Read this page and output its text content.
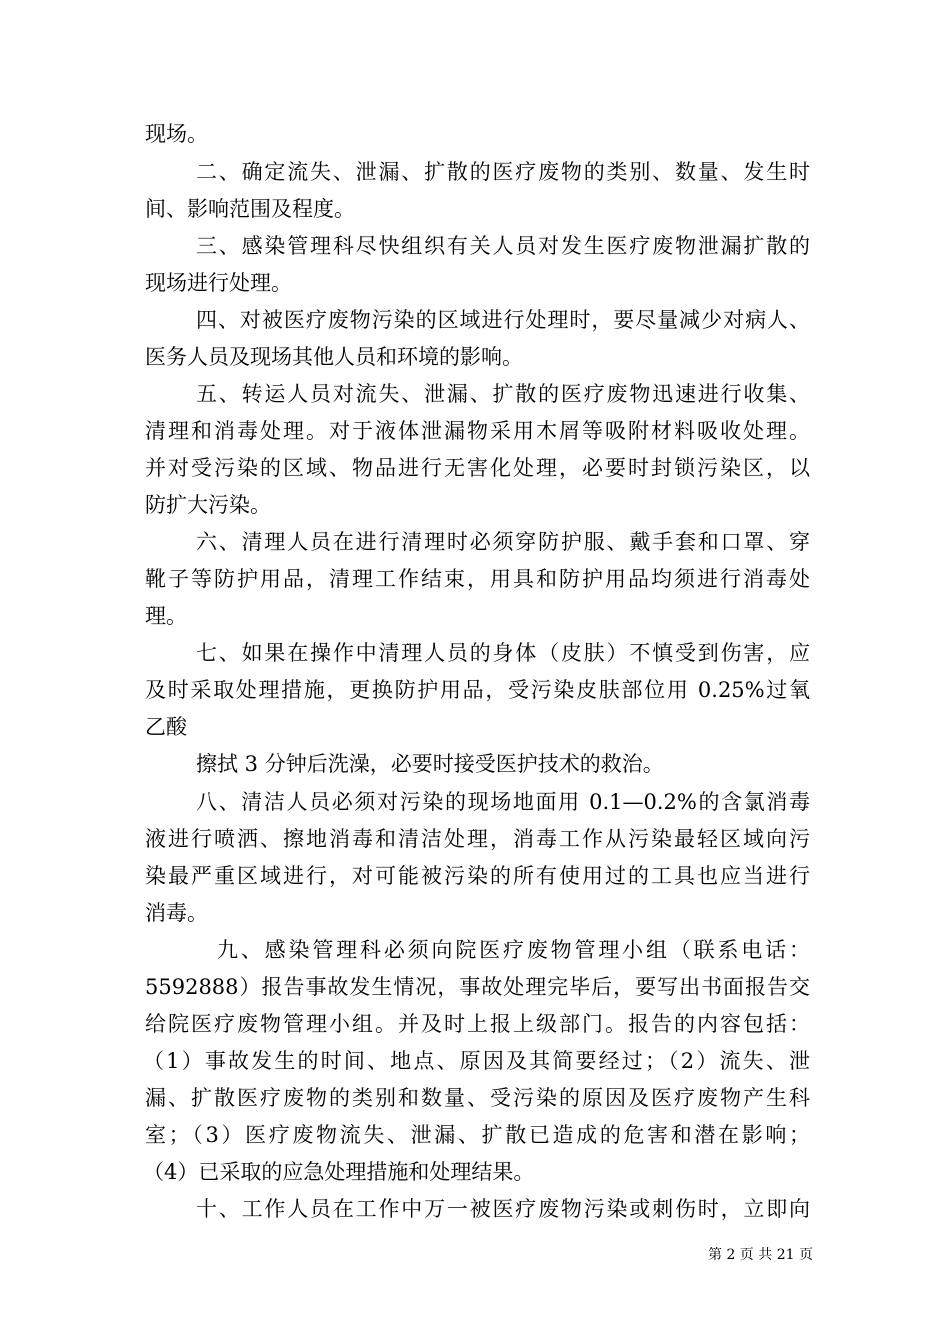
现场。
二、确定流失、泄漏、扩散的医疗废物的类别、数量、发生时
间、影响范围及程度。
三、感染管理科尽快组织有关人员对发生医疗废物泄漏扩散的
现场进行处理。
四、对被医疗废物污染的区域进行处理时，要尽量减少对病人、
医务人员及现场其他人员和环境的影响。
五、转运人员对流失、泄漏、扩散的医疗废物迅速进行收集、
清理和消毒处理。对于液体泄漏物采用木屑等吸附材料吸收处理。
并对受污染的区域、物品进行无害化处理，必要时封锁污染区，以
防扩大污染。
六、清理人员在进行清理时必须穿防护服、戴手套和口罩、穿
靴子等防护用品，清理工作结束，用具和防护用品均须进行消毒处
理。
七、如果在操作中清理人员的身体（皮肤）不慎受到伤害，应
及时采取处理措施，更换防护用品，受污染皮肤部位用 0.25%过氧
乙酸
擦拭 3 分钟后洗澡，必要时接受医护技术的救治。
八、清洁人员必须对污染的现场地面用 0.1—0.2%的含氯消毒
液进行喷洒、擦地消毒和清洁处理，消毒工作从污染最轻区域向污
染最严重区域进行，对可能被污染的所有使用过的工具也应当进行
消毒。
九、感染管理科必须向院医疗废物管理小组（联系电话：
5592888）报告事故发生情况，事故处理完毕后，要写出书面报告交
给院医疗废物管理小组。并及时上报上级部门。报告的内容包括：
（1）事故发生的时间、地点、原因及其简要经过；（2）流失、泄
漏、扩散医疗废物的类别和数量、受污染的原因及医疗废物产生科
室；（3）医疗废物流失、泄漏、扩散已造成的危害和潜在影响；
（4）已采取的应急处理措施和处理结果。
十、工作人员在工作中万一被医疗废物污染或刺伤时，立即向
第 2 页 共 21 页
